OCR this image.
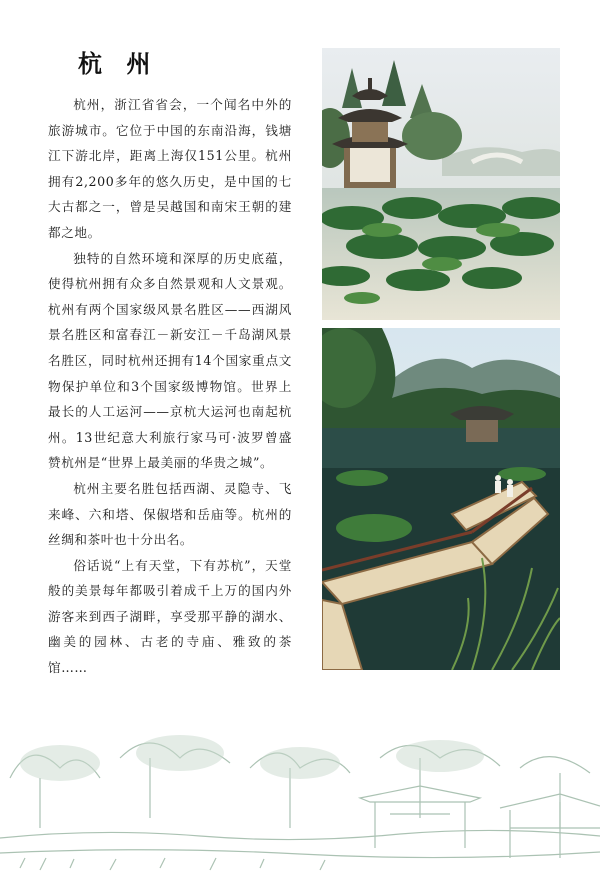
杭 州

杭州，浙江省省会，一个闻名中外的旅游城市。它位于中国的东南沿海，钱塘江下游北岸，距离上海仅151公里。杭州拥有2,200多年的悠久历史，是中国的七大古都之一，曾是吴越国和南宋王朝的建都之地。

独特的自然环境和深厚的历史底蕴，使得杭州拥有众多自然景观和人文景观。杭州有两个国家级风景名胜区——西湖风景名胜区和富春江－新安江－千岛湖风景名胜区，同时杭州还拥有14个国家重点文物保护单位和3个国家级博物馆。世界上最长的人工运河——京杭大运河也南起杭州。13世纪意大利旅行家马可·波罗曾盛赞杭州是“世界上最美丽的华贵之城”。

杭州主要名胜包括西湖、灵隐寺、飞来峰、六和塔、保俶塔和岳庙等。杭州的丝绸和茶叶也十分出名。

俗话说“上有天堂，下有苏杭”，天堂般的美景每年都吸引着成千上万的国内外游客来到西子湖畔，享受那平静的湖水、幽美的园林、古老的寺庙、雅致的茶馆……
